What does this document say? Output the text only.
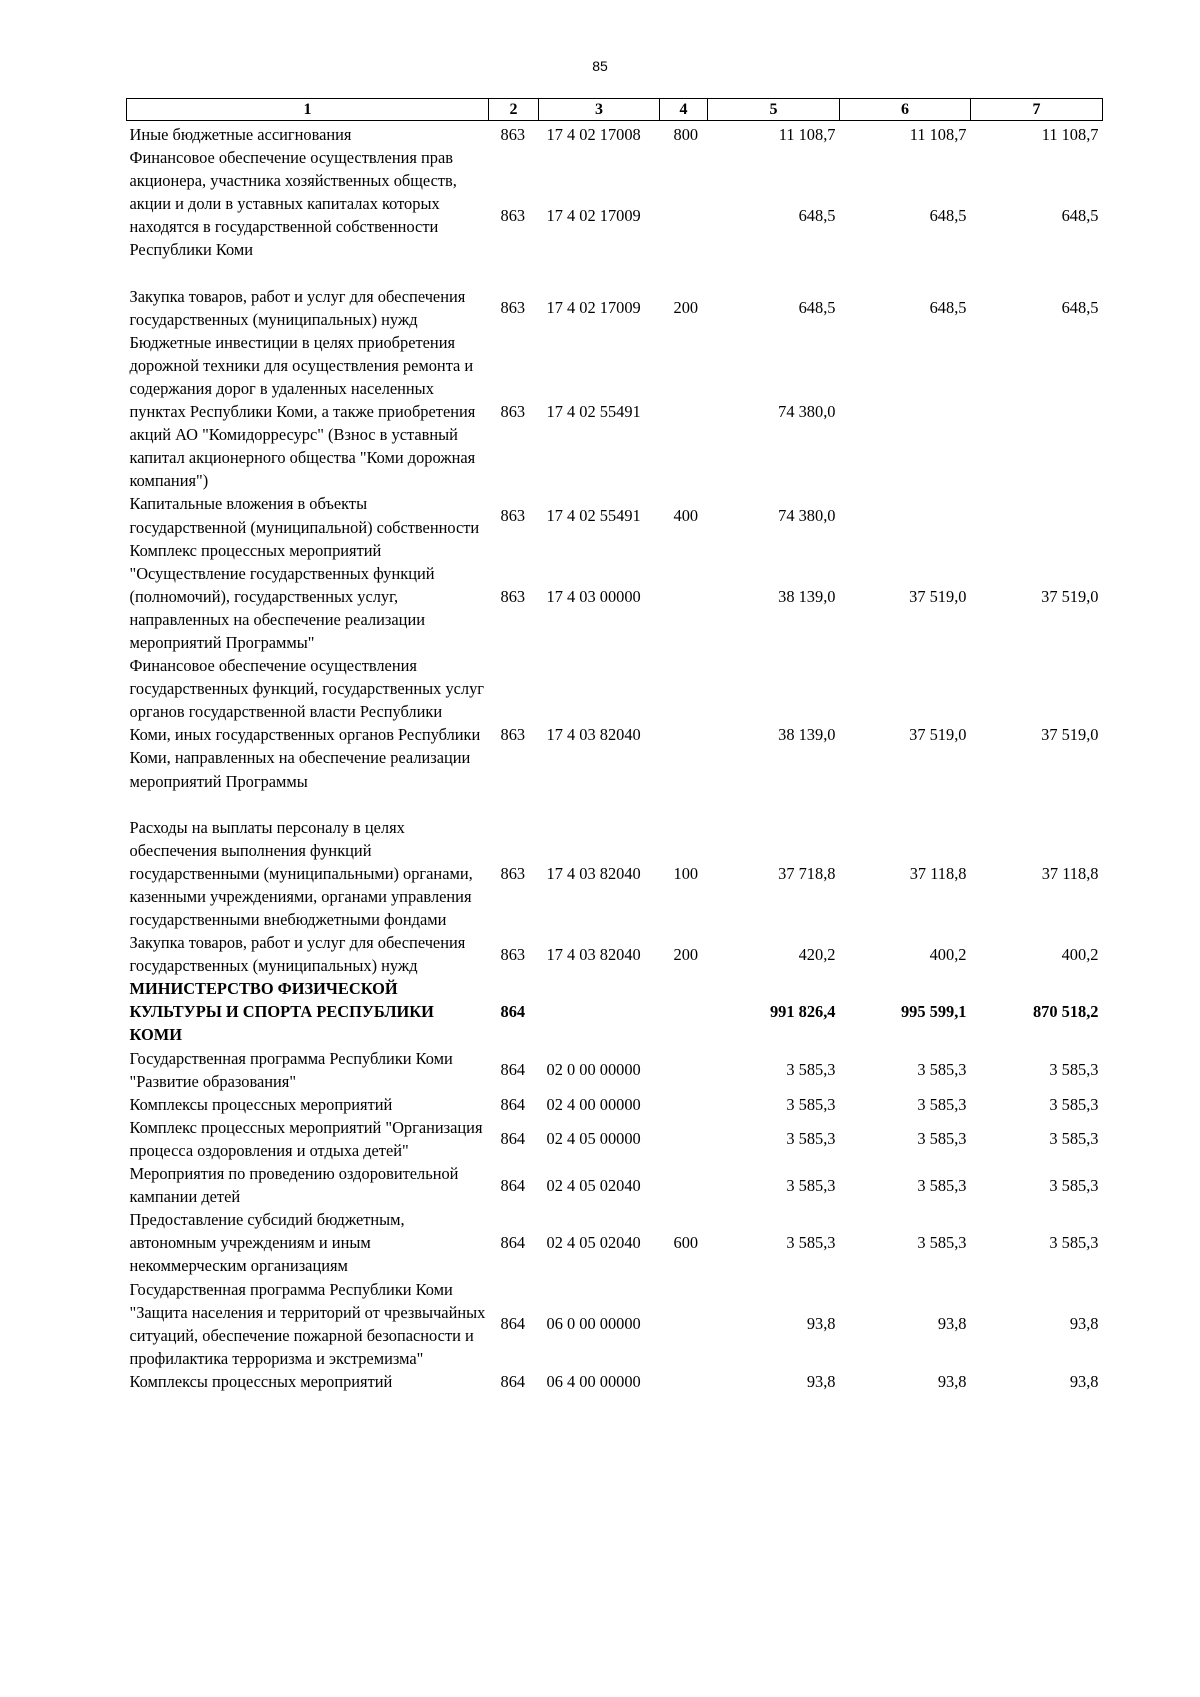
85
1	2	3	4	5	6	7
Иные бюджетные ассигнования	863	17 4 02 17008	800	11 108,7	11 108,7	11 108,7
Финансовое обеспечение осуществления прав акционера, участника хозяйственных обществ, акции и доли в уставных капиталах которых находятся в государственной собственности Республики Коми	863	17 4 02 17009		648,5	648,5	648,5
Закупка товаров, работ и услуг для обеспечения государственных (муниципальных) нужд	863	17 4 02 17009	200	648,5	648,5	648,5
Бюджетные инвестиции в целях приобретения дорожной техники для осуществления ремонта и содержания дорог в удаленных населенных пунктах Республики Коми, а также приобретения акций АО "Комидорресурс" (Взнос в уставный капитал акционерного общества "Коми дорожная компания")	863	17 4 02 55491		74 380,0		
Капитальные вложения в объекты государственной (муниципальной) собственности	863	17 4 02 55491	400	74 380,0		
Комплекс процессных мероприятий "Осуществление государственных функций (полномочий), государственных услуг, направленных на обеспечение реализации мероприятий Программы"	863	17 4 03 00000		38 139,0	37 519,0	37 519,0
Финансовое обеспечение осуществления государственных функций, государственных услуг органов государственной власти Республики Коми, иных государственных органов Республики Коми, направленных на обеспечение реализации мероприятий Программы	863	17 4 03 82040		38 139,0	37 519,0	37 519,0
Расходы на выплаты персоналу в целях обеспечения выполнения функций государственными (муниципальными) органами, казенными учреждениями, органами управления государственными внебюджетными фондами	863	17 4 03 82040	100	37 718,8	37 118,8	37 118,8
Закупка товаров, работ и услуг для обеспечения государственных (муниципальных) нужд	863	17 4 03 82040	200	420,2	400,2	400,2
МИНИСТЕРСТВО ФИЗИЧЕСКОЙ КУЛЬТУРЫ И СПОРТА РЕСПУБЛИКИ КОМИ	864			991 826,4	995 599,1	870 518,2
Государственная программа Республики Коми "Развитие образования"	864	02 0 00 00000		3 585,3	3 585,3	3 585,3
Комплексы процессных мероприятий	864	02 4 00 00000		3 585,3	3 585,3	3 585,3
Комплекс процессных мероприятий "Организация процесса оздоровления и отдыха детей"	864	02 4 05 00000		3 585,3	3 585,3	3 585,3
Мероприятия по проведению оздоровительной кампании детей	864	02 4 05 02040		3 585,3	3 585,3	3 585,3
Предоставление субсидий бюджетным, автономным учреждениям и иным некоммерческим организациям	864	02 4 05 02040	600	3 585,3	3 585,3	3 585,3
Государственная программа Республики Коми "Защита населения и территорий от чрезвычайных ситуаций, обеспечение пожарной безопасности и профилактика терроризма и экстремизма"	864	06 0 00 00000		93,8	93,8	93,8
Комплексы процессных мероприятий	864	06 4 00 00000		93,8	93,8	93,8
